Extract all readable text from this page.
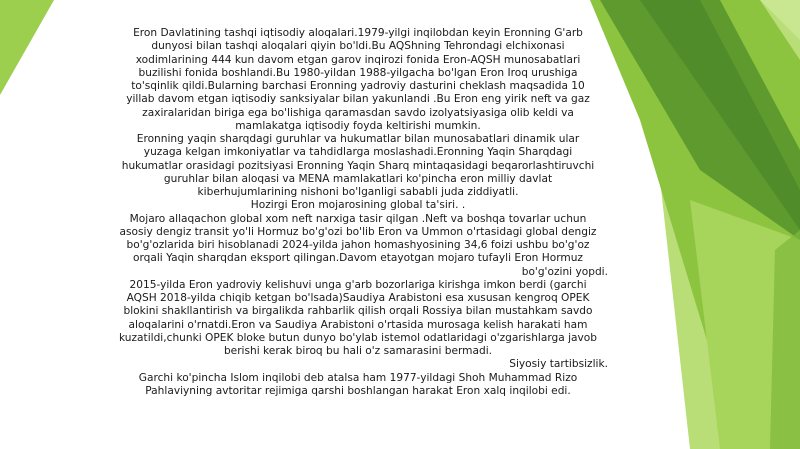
Eron Davlatining tashqi iqtisodiy aloqalari.1979-yilgi inqilobdan keyin Eronning G'arb
dunyosi bilan tashqi aloqalari qiyin bo'ldi.Bu AQShning Tehrondagi elchixonasi
xodimlarining 444 kun davom etgan garov inqirozi fonida Eron-AQSH munosabatlari
buzilishi fonida boshlandi.Bu 1980-yildan 1988-yilgacha bo'lgan Eron Iroq urushiga
to'sqinlik qildi.Bularning barchasi Eronning yadroviy dasturini cheklash maqsadida 10
yillab davom etgan iqtisodiy sanksiyalar bilan yakunlandi .Bu Eron eng yirik neft va gaz
zaxiralaridan biriga ega bo'lishiga qaramasdan savdo izolyatsiyasiga olib keldi va
mamlakatga iqtisodiy foyda keltirishi mumkin.

Eronning yaqin sharqdagi guruhlar va hukumatlar bilan munosabatlari dinamik ular
yuzaga kelgan imkoniyatlar va tahdidlarga moslashadi.Eronning Yaqin Sharqdagi
hukumatlar orasidagi pozitsiyasi Eronning Yaqin Sharq mintaqasidagi beqarorlashtiruvchi
guruhlar bilan aloqasi va MENA mamlakatlari ko'pincha eron milliy davlat
kiberhujumlarining nishoni bo'lganligi sababli juda ziddiyatli.
Hozirgi Eron mojarosining global ta'siri. .

Mojaro allaqachon global xom neft narxiga tasir qilgan .Neft va boshqa tovarlar uchun
asosiy dengiz transit yo'li Hormuz bo'g'ozi bo'lib Eron va Ummon o'rtasidagi global dengiz
bo'g'ozlarida biri hisoblanadi 2024-yilda jahon homashyosining 34,6 foizi ushbu bo'g'oz
orqali Yaqin sharqdan eksport qilingan.Davom etayotgan mojaro tufayli Eron Hormuz

bo'g'ozini yopdi.

2015-yilda Eron yadroviy kelishuvi unga g'arb bozorlariga kirishga imkon berdi (garchi
AQSH 2018-yilda chiqib ketgan bo'lsada)Saudiya Arabistoni esa xususan kengroq OPEK
blokini shakllantirish va birgalikda rahbarlik qilish orqali Rossiya bilan mustahkam savdo
aloqalarini o'rnatdi.Eron va Saudiya Arabistoni o'rtasida murosaga kelish harakati ham
kuzatildi,chunki OPEK bloke butun dunyo bo'ylab istemol odatlaridagi o'zgarishlarga javob
berishi kerak biroq bu hali o'z samarasini bermadi.

Siyosiy tartibsizlik.

Garchi ko'pincha Islom inqilobi deb atalsa ham 1977-yildagi Shoh Muhammad Rizo
Pahlaviyning avtoritar rejimiga qarshi boshlangan harakat Eron xalq inqilobi edi.
